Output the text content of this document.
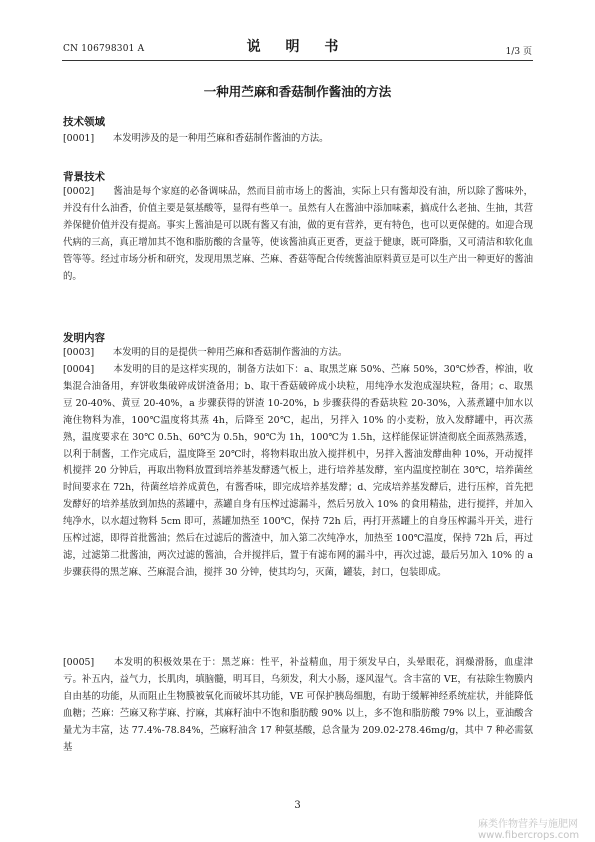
CN 106798301 A	说 明 书	1/3 页
一种用苎麻和香菇制作酱油的方法
技术领域
[0001]　　本发明涉及的是一种用苎麻和香菇制作酱油的方法。
背景技术
[0002]　　酱油是每个家庭的必备调味品，然而目前市场上的酱油，实际上只有酱却没有油，所以除了酱味外，并没有什么油香，价值主要是氨基酸等，显得有些单一。虽然有人在酱油中添加味素，搞成什么老抽、生抽，其营养保健价值并没有提高。事实上酱油是可以既有酱又有油，做的更有营养，更有特色，也可以更保健的。如迎合现代病的三高，真正增加其不饱和脂肪酸的含量等，使该酱油真正更香，更益于健康，既可降脂，又可清洁和软化血管等等。经过市场分析和研究，发现用黑芝麻、苎麻、香菇等配合传统酱油原料黄豆是可以生产出一种更好的酱油的。
发明内容
[0003]　　本发明的目的是提供一种用苎麻和香菇制作酱油的方法。
[0004]　　本发明的目的是这样实现的，制备方法如下：a、取黑芝麻 50%、苎麻 50%，30℃炒香，榨油，收集混合油备用，弃饼收集破碎成饼渣备用；b、取干香菇破碎成小块粒，用纯净水发泡成湿块粒，备用；c、取黑豆 20-40%、黄豆 20-40%，a 步骤获得的饼渣 10-20%，b 步骤获得的香菇块粒 20-30%，入蒸煮罐中加水以淹住物料为准，100℃温度将其蒸 4h，后降至 20℃，起出，另拌入 10% 的小麦粉，放入发酵罐中，再次蒸熟，温度要求在 30℃ 0.5h、60℃为 0.5h，90℃为 1h，100℃为 1.5h，这样能保证饼渣彻底全面蒸熟蒸透，以利于制酱，工作完成后，温度降至 20℃时，将物料取出放入搅拌机中，另拌入酱油发酵曲种 10%，开动搅拌机搅拌 20 分钟后，再取出物料放置到培养基发酵透气板上，进行培养基发酵，室内温度控制在 30℃，培养菌丝时间要求在 72h，待菌丝培养成黄色，有酱香味，即完成培养基发酵；d、完成培养基发酵后，进行压榨，首先把发酵好的培养基放到加热的蒸罐中，蒸罐自身有压榨过滤漏斗，然后另放入 10% 的食用精盐，进行搅拌，并加入纯净水，以水超过物料 5cm 即可，蒸罐加热至 100℃，保持 72h 后，再打开蒸罐上的自身压榨漏斗开关，进行压榨过滤，即得首批酱油；然后在过滤后的酱渣中，加入第二次纯净水，加热至 100℃温度，保持 72h 后，再过滤，过滤第二批酱油，两次过滤的酱油，合并搅拌后，置于有滤布网的漏斗中，再次过滤，最后另加入 10% 的 a 步骤获得的黑芝麻、苎麻混合油，搅拌 30 分钟，使其均匀，灭菌，罐装，封口，包装即成。
[0005]　　本发明的积极效果在于：黑芝麻：性平，补益精血，用于须发早白，头晕眼花，润燥滑肠，血虚津亏。补五内，益气力，长肌肉，填脑髓，明耳目，乌须发，利大小肠，逐风湿气。含丰富的 VE，有祛除生物膜内自由基的功能，从而阻止生物膜被氧化而破坏其功能，VE 可保护胰岛细胞，有助于缓解神经系统症状，并能降低血糖；苎麻：苎麻又称芋麻、拧麻，其麻籽油中不饱和脂肪酸 90% 以上，多不饱和脂肪酸 79% 以上，亚油酸含量尤为丰富，达 77.4%-78.84%，苎麻籽油含 17 种氨基酸，总含量为 209.02-278.46mg/g，其中 7 种必需氨基
3
麻类作物营养与施肥网
www.fibercrops.com
